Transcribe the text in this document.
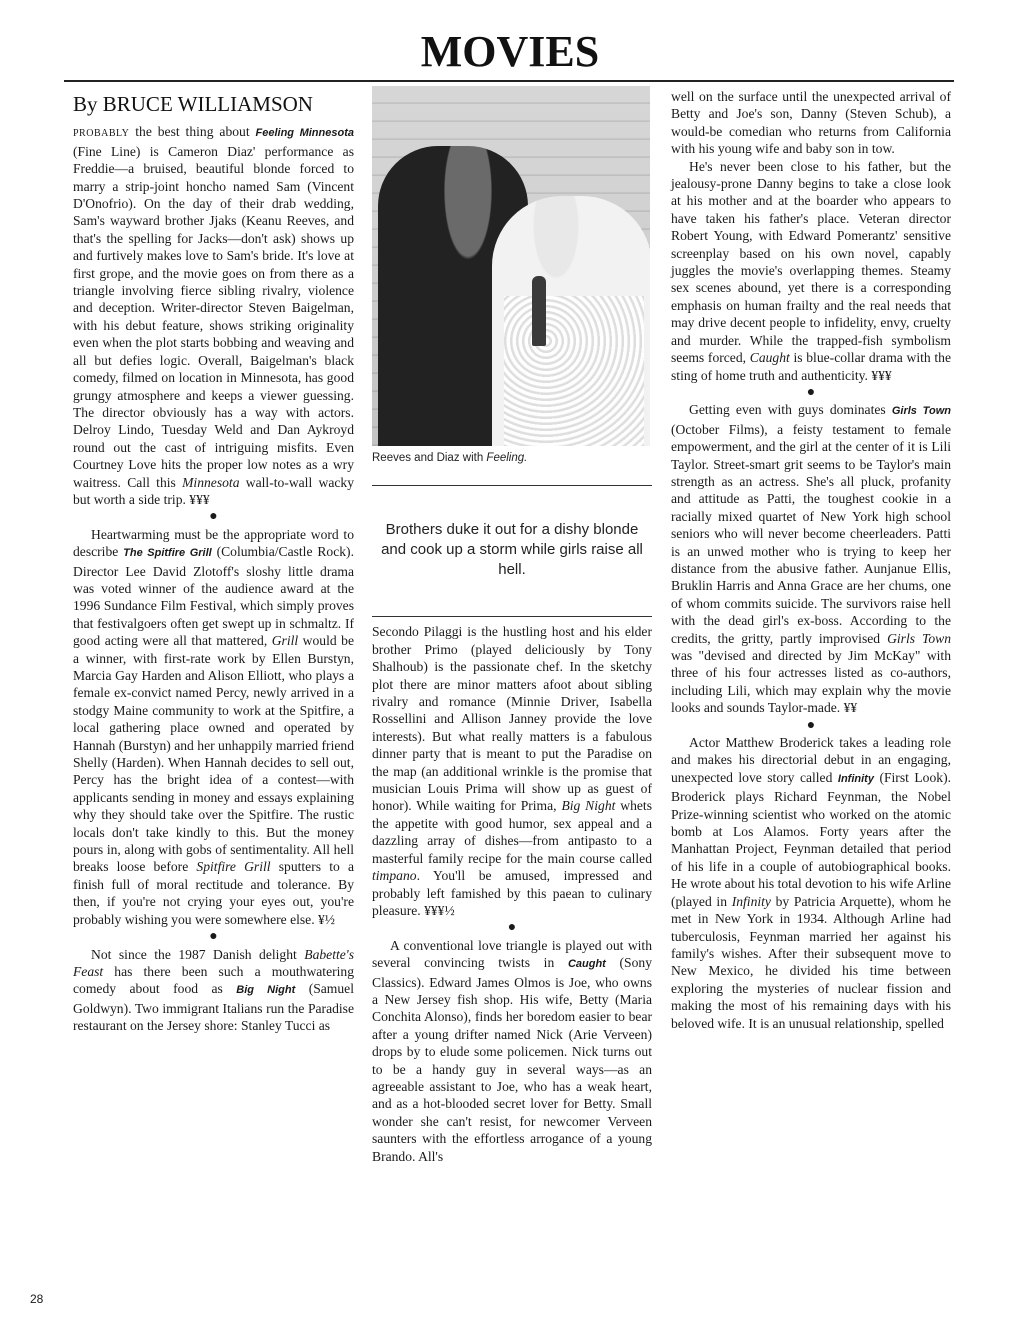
MOVIES
By BRUCE WILLIAMSON

PROBABLY the best thing about Feeling Minnesota (Fine Line) is Cameron Diaz' performance as Freddie—a bruised, beautiful blonde forced to marry a strip-joint honcho named Sam (Vincent D'Onofrio). On the day of their drab wedding, Sam's wayward brother Jjaks (Keanu Reeves, and that's the spelling for Jacks—don't ask) shows up and furtively makes love to Sam's bride. It's love at first grope, and the movie goes on from there as a triangle involving fierce sibling rivalry, violence and deception. Writer-director Steven Baigelman, with his debut feature, shows striking originality even when the plot starts bobbing and weaving and all but defies logic. Overall, Baigelman's black comedy, filmed on location in Minnesota, has good grungy atmosphere and keeps a viewer guessing. The director obviously has a way with actors. Delroy Lindo, Tuesday Weld and Dan Aykroyd round out the cast of intriguing misfits. Even Courtney Love hits the proper low notes as a wry waitress. Call this Minnesota wall-to-wall wacky but worth a side trip. ¥¥¥

●

Heartwarming must be the appropriate word to describe The Spitfire Grill (Columbia/Castle Rock). Director Lee David Zlotoff's sloshy little drama was voted winner of the audience award at the 1996 Sundance Film Festival, which simply proves that festivalgoers often get swept up in schmaltz. If good acting were all that mattered, Grill would be a winner, with first-rate work by Ellen Burstyn, Marcia Gay Harden and Alison Elliott, who plays a female ex-convict named Percy, newly arrived in a stodgy Maine community to work at the Spitfire, a local gathering place owned and operated by Hannah (Burstyn) and her unhappily married friend Shelly (Harden). When Hannah decides to sell out, Percy has the bright idea of a contest—with applicants sending in money and essays explaining why they should take over the Spitfire. The rustic locals don't take kindly to this. But the money pours in, along with gobs of sentimentality. All hell breaks loose before Spitfire Grill sputters to a finish full of moral rectitude and tolerance. By then, if you're not crying your eyes out, you're probably wishing you were somewhere else. ¥½

●

Not since the 1987 Danish delight Babette's Feast has there been such a mouthwatering comedy about food as Big Night (Samuel Goldwyn). Two immigrant Italians run the Paradise restaurant on the Jersey shore: Stanley Tucci as

Reeves and Diaz with Feeling.
Brothers duke it out for a dishy blonde and cook up a storm while girls raise all hell.

Secondo Pilaggi is the hustling host and his elder brother Primo (played deliciously by Tony Shalhoub) is the passionate chef. In the sketchy plot there are minor matters afoot about sibling rivalry and romance (Minnie Driver, Isabella Rossellini and Allison Janney provide the love interests). But what really matters is a fabulous dinner party that is meant to put the Paradise on the map (an additional wrinkle is the promise that musician Louis Prima will show up as guest of honor). While waiting for Prima, Big Night whets the appetite with good humor, sex appeal and a dazzling array of dishes—from antipasto to a masterful family recipe for the main course called timpano. You'll be amused, impressed and probably left famished by this paean to culinary pleasure. ¥¥¥½

●

A conventional love triangle is played out with several convincing twists in Caught (Sony Classics). Edward James Olmos is Joe, who owns a New Jersey fish shop. His wife, Betty (Maria Conchita Alonso), finds her boredom easier to bear after a young drifter named Nick (Arie Verveen) drops by to elude some policemen. Nick turns out to be a handy guy in several ways—as an agreeable assistant to Joe, who has a weak heart, and as a hot-blooded secret lover for Betty. Small wonder she can't resist, for newcomer Verveen saunters with the effortless arrogance of a young Brando. All's

well on the surface until the unexpected arrival of Betty and Joe's son, Danny (Steven Schub), a would-be comedian who returns from California with his young wife and baby son in tow.

He's never been close to his father, but the jealousy-prone Danny begins to take a close look at his mother and at the boarder who appears to have taken his father's place. Veteran director Robert Young, with Edward Pomerantz' sensitive screenplay based on his own novel, capably juggles the movie's overlapping themes. Steamy sex scenes abound, yet there is a corresponding emphasis on human frailty and the real needs that may drive decent people to infidelity, envy, cruelty and murder. While the trapped-fish symbolism seems forced, Caught is blue-collar drama with the sting of home truth and authenticity. ¥¥¥

●

Getting even with guys dominates Girls Town (October Films), a feisty testament to female empowerment, and the girl at the center of it is Lili Taylor. Street-smart grit seems to be Taylor's main strength as an actress. She's all pluck, profanity and attitude as Patti, the toughest cookie in a racially mixed quartet of New York high school seniors who will never become cheerleaders. Patti is an unwed mother who is trying to keep her distance from the abusive father. Aunjanue Ellis, Bruklin Harris and Anna Grace are her chums, one of whom commits suicide. The survivors raise hell with the dead girl's ex-boss. According to the credits, the gritty, partly improvised Girls Town was "devised and directed by Jim McKay" with three of his four actresses listed as co-authors, including Lili, which may explain why the movie looks and sounds Taylor-made. ¥¥

●

Actor Matthew Broderick takes a leading role and makes his directorial debut in an engaging, unexpected love story called Infinity (First Look). Broderick plays Richard Feynman, the Nobel Prize-winning scientist who worked on the atomic bomb at Los Alamos. Forty years after the Manhattan Project, Feynman detailed that period of his life in a couple of autobiographical books. He wrote about his total devotion to his wife Arline (played in Infinity by Patricia Arquette), whom he met in New York in 1934. Although Arline had tuberculosis, Feynman married her against his family's wishes. After their subsequent move to New Mexico, he divided his time between exploring the mysteries of nuclear fission and making the most of his remaining days with his beloved wife. It is an unusual relationship, spelled

28
